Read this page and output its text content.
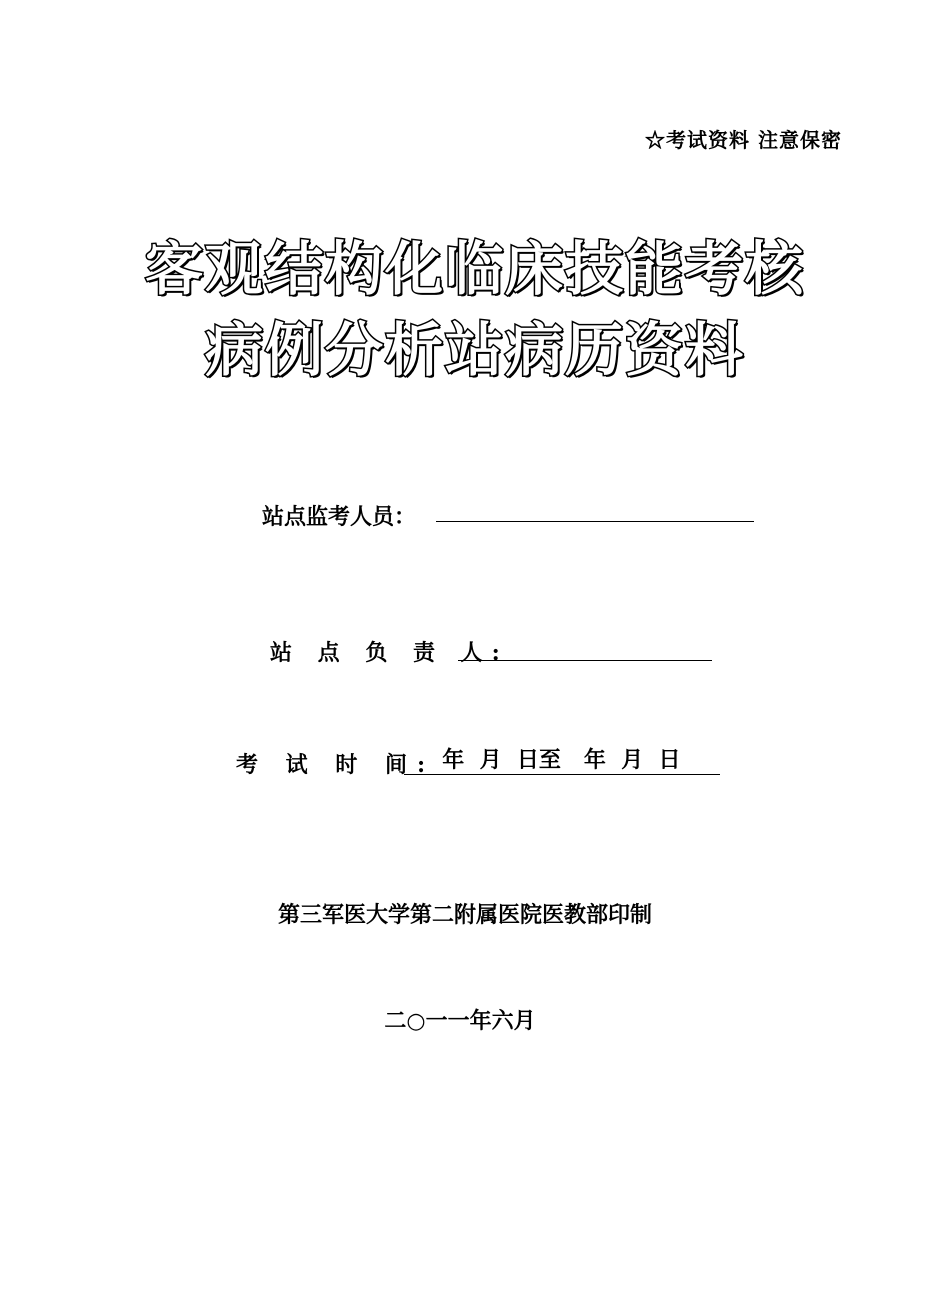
☆考试资料 注意保密
客观结构化临床技能考核
病例分析站病历资料
站点监考人员：
站 点 负 责 人:
考 试 时 间:
年  月  日至   年  月  日
第三军医大学第二附属医院医教部印制
二○一一年六月
